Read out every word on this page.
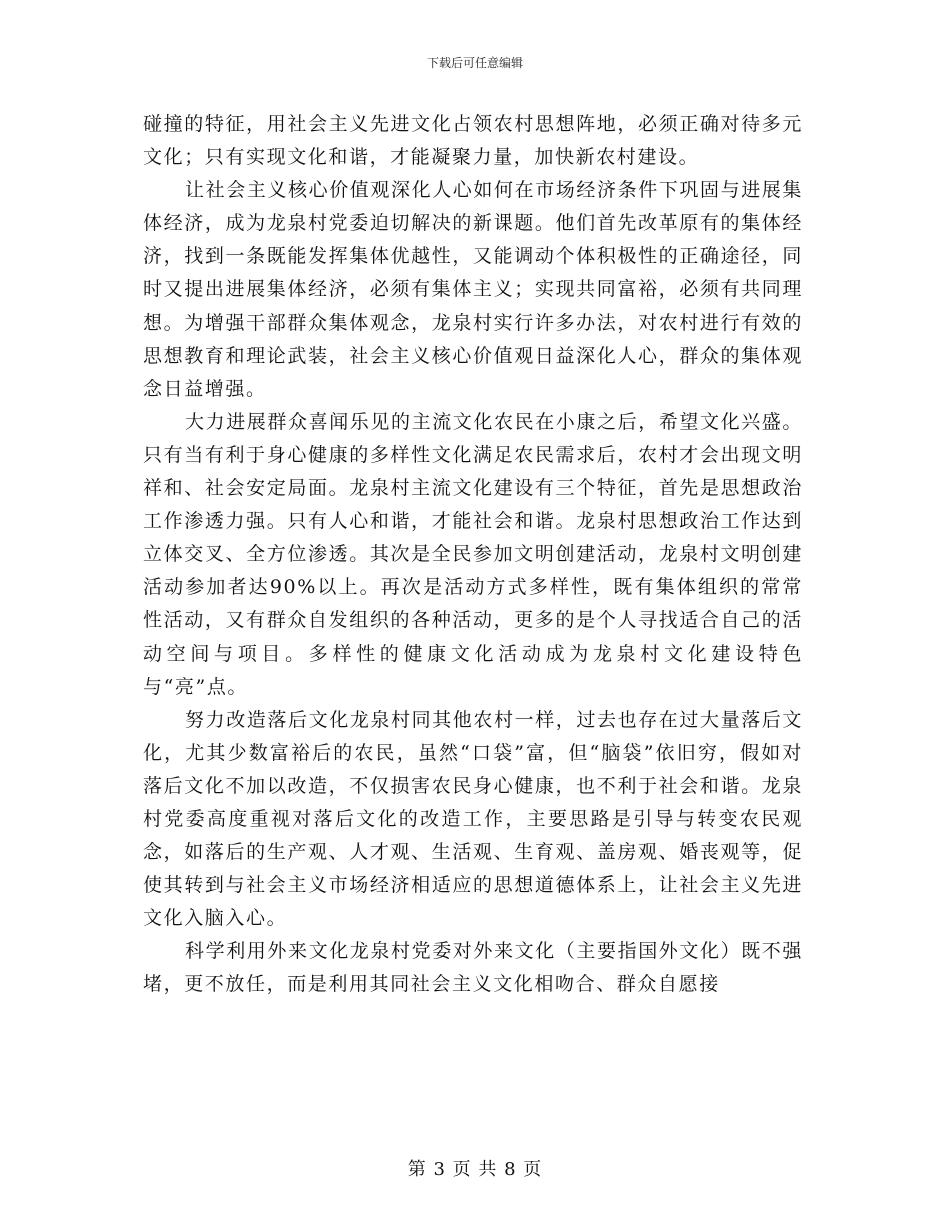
下载后可任意编辑

碰撞的特征，用社会主义先进文化占领农村思想阵地，必须正确对待多元文化；只有实现文化和谐，才能凝聚力量，加快新农村建设。

让社会主义核心价值观深化人心如何在市场经济条件下巩固与进展集体经济，成为龙泉村党委迫切解决的新课题。他们首先改革原有的集体经济，找到一条既能发挥集体优越性，又能调动个体积极性的正确途径，同时又提出进展集体经济，必须有集体主义；实现共同富裕，必须有共同理想。为增强干部群众集体观念，龙泉村实行许多办法，对农村进行有效的思想教育和理论武装，社会主义核心价值观日益深化人心，群众的集体观念日益增强。

大力进展群众喜闻乐见的主流文化农民在小康之后，希望文化兴盛。只有当有利于身心健康的多样性文化满足农民需求后，农村才会出现文明祥和、社会安定局面。龙泉村主流文化建设有三个特征，首先是思想政治工作渗透力强。只有人心和谐，才能社会和谐。龙泉村思想政治工作达到立体交叉、全方位渗透。其次是全民参加文明创建活动，龙泉村文明创建活动参加者达90%以上。再次是活动方式多样性，既有集体组织的常常性活动，又有群众自发组织的各种活动，更多的是个人寻找适合自己的活动空间与项目。多样性的健康文化活动成为龙泉村文化建设特色与“亮”点。

努力改造落后文化龙泉村同其他农村一样，过去也存在过大量落后文化，尤其少数富裕后的农民，虽然“口袋”富，但“脑袋”依旧穷，假如对落后文化不加以改造，不仅损害农民身心健康，也不利于社会和谐。龙泉村党委高度重视对落后文化的改造工作，主要思路是引导与转变农民观念，如落后的生产观、人才观、生活观、生育观、盖房观、婚丧观等，促使其转到与社会主义市场经济相适应的思想道德体系上，让社会主义先进文化入脑入心。

科学利用外来文化龙泉村党委对外来文化（主要指国外文化）既不强堵，更不放任，而是利用其同社会主义文化相吻合、群众自愿接

第 3 页 共 8 页
